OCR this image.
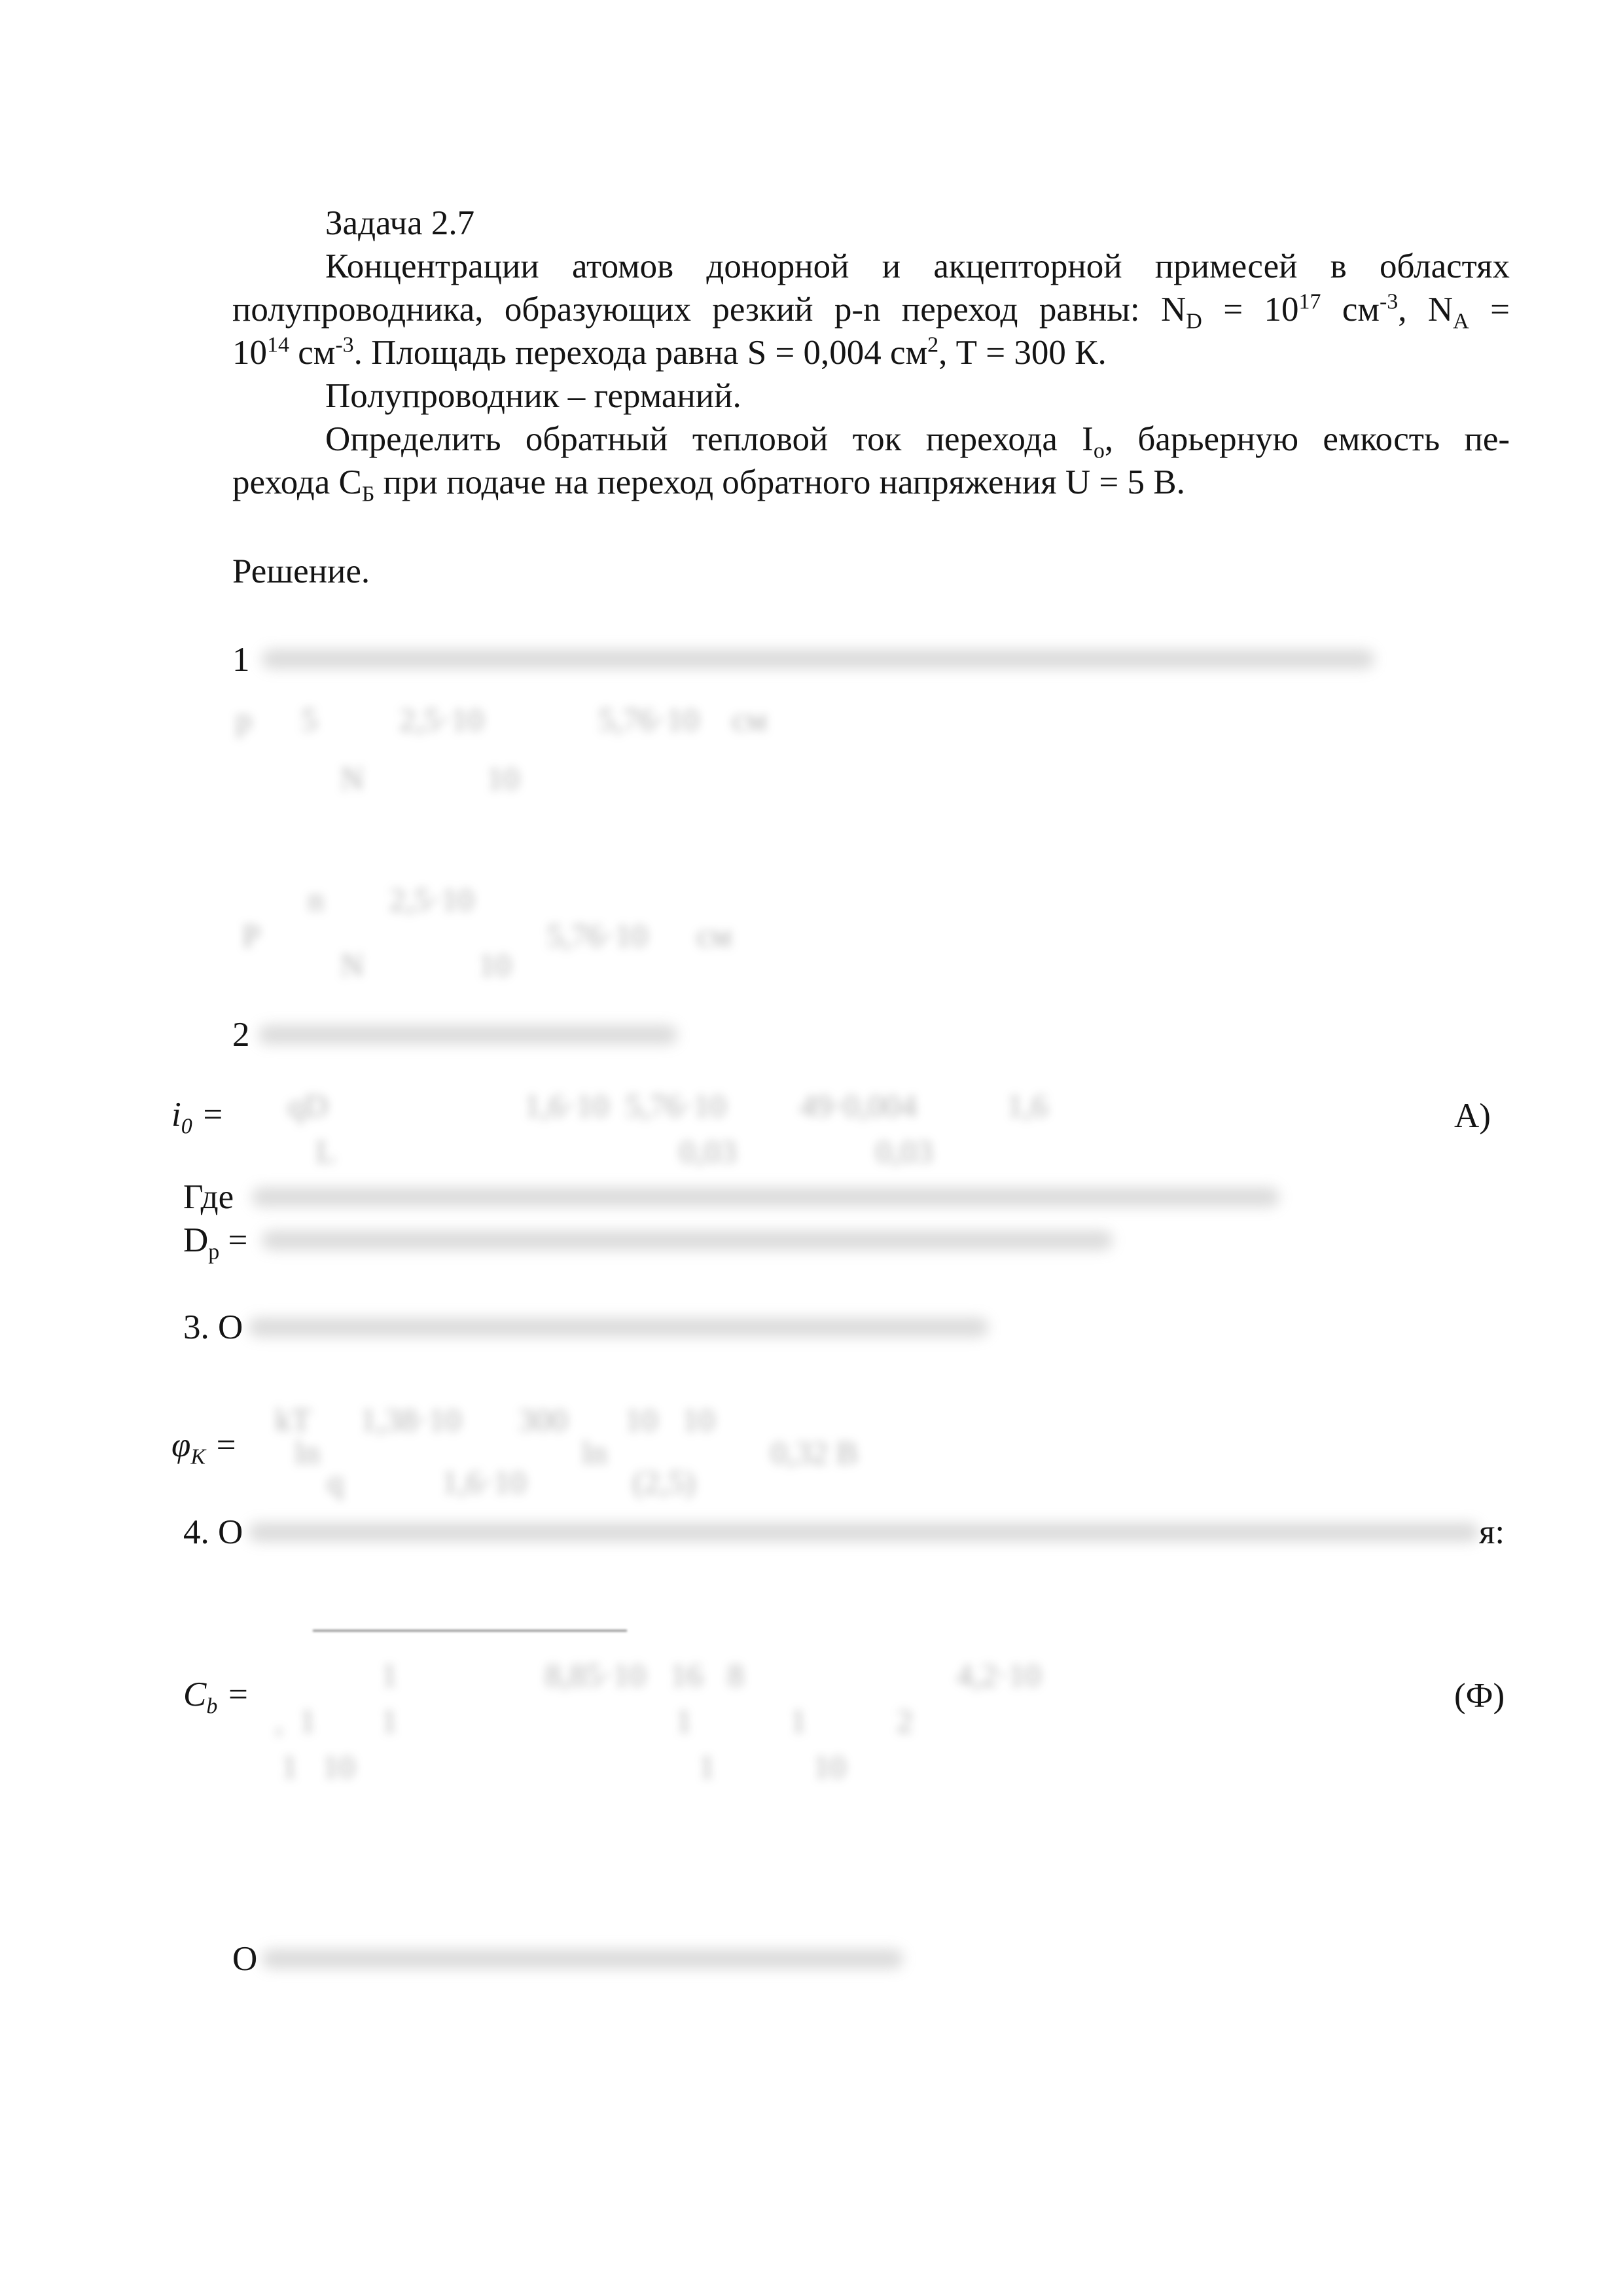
Задача 2.7
Концентрации атомов донорной и акцепторной примесей в областях
полупроводника, образующих резкий p-n переход равны: $N_D = 10^{17}$ $см^{-3}$, $N_A$ =
$10^{14}$ $см^{-3}$. Площадь перехода равна S = 0,004 $см^2$, Т = 300 К.
Полупроводник – германий.
Определить обратный тепловой ток перехода $I_o$, барьерную емкость пе-
рехода $C_Б$ при подаче на переход обратного напряжения U = 5 В.
Решение.
1
p      5          2,5·10              5,76·10    см
N               10
n        2,5·10
P                                   5,76·10      см
N              10
2
$i_0$ = qD                        1,6·10  5,76·10         49·0,004           1,6
L                                          0,03                 0,03
А)
Где
$D_p$ =
3. О
$\varphi_K$ =
kT      1,38·10       300       10   10
ln                                ln                    0,32 B
q            1,6·10             (2,5)
4. О	я:
$C_b$ =
1                  8,85·10   16   8                          4,2·10
,  1        1                                  1            1           2
1   10                                          1            10
(Ф)
О
